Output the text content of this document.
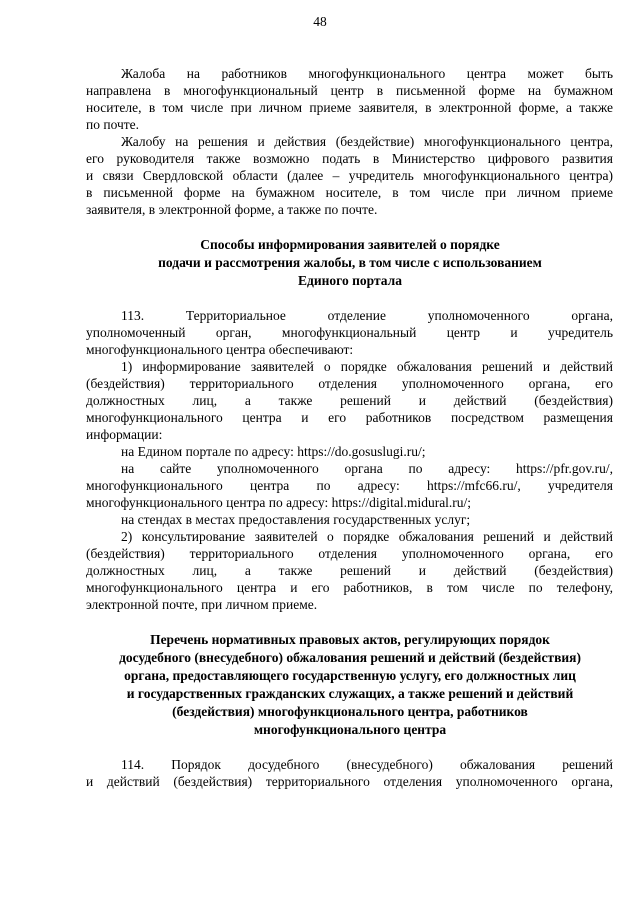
48
Жалоба на работников многофункционального центра может быть
направлена в многофункциональный центр в письменной форме на бумажном
носителе, в том числе при личном приеме заявителя, в электронной форме, а также
по почте.
Жалобу на решения и действия (бездействие) многофункционального центра,
его руководителя также возможно подать в Министерство цифрового развития
и связи Свердловской области (далее – учредитель многофункционального центра)
в письменной форме на бумажном носителе, в том числе при личном приеме
заявителя, в электронной форме, а также по почте.
Способы информирования заявителей о порядке
подачи и рассмотрения жалобы, в том числе с использованием
Единого портала
113. Территориальное отделение уполномоченного органа,
уполномоченный орган, многофункциональный центр и учредитель
многофункционального центра обеспечивают:
1) информирование заявителей о порядке обжалования решений и действий
(бездействия) территориального отделения уполномоченного органа, его
должностных лиц, а также решений и действий (бездействия)
многофункционального центра и его работников посредством размещения
информации:
на Едином портале по адресу: https://do.gosuslugi.ru/;
на сайте уполномоченного органа по адресу: https://pfr.gov.ru/,
многофункционального центра по адресу: https://mfc66.ru/, учредителя
многофункционального центра по адресу: https://digital.midural.ru/;
на стендах в местах предоставления государственных услуг;
2) консультирование заявителей о порядке обжалования решений и действий
(бездействия) территориального отделения уполномоченного органа, его
должностных лиц, а также решений и действий (бездействия)
многофункционального центра и его работников, в том числе по телефону,
электронной почте, при личном приеме.
Перечень нормативных правовых актов, регулирующих порядок
досудебного (внесудебного) обжалования решений и действий (бездействия)
органа, предоставляющего государственную услугу, его должностных лиц
и государственных гражданских служащих, а также решений и действий
(бездействия) многофункционального центра, работников
многофункционального центра
114. Порядок досудебного (внесудебного) обжалования решений
и действий (бездействия) территориального отделения уполномоченного органа,
